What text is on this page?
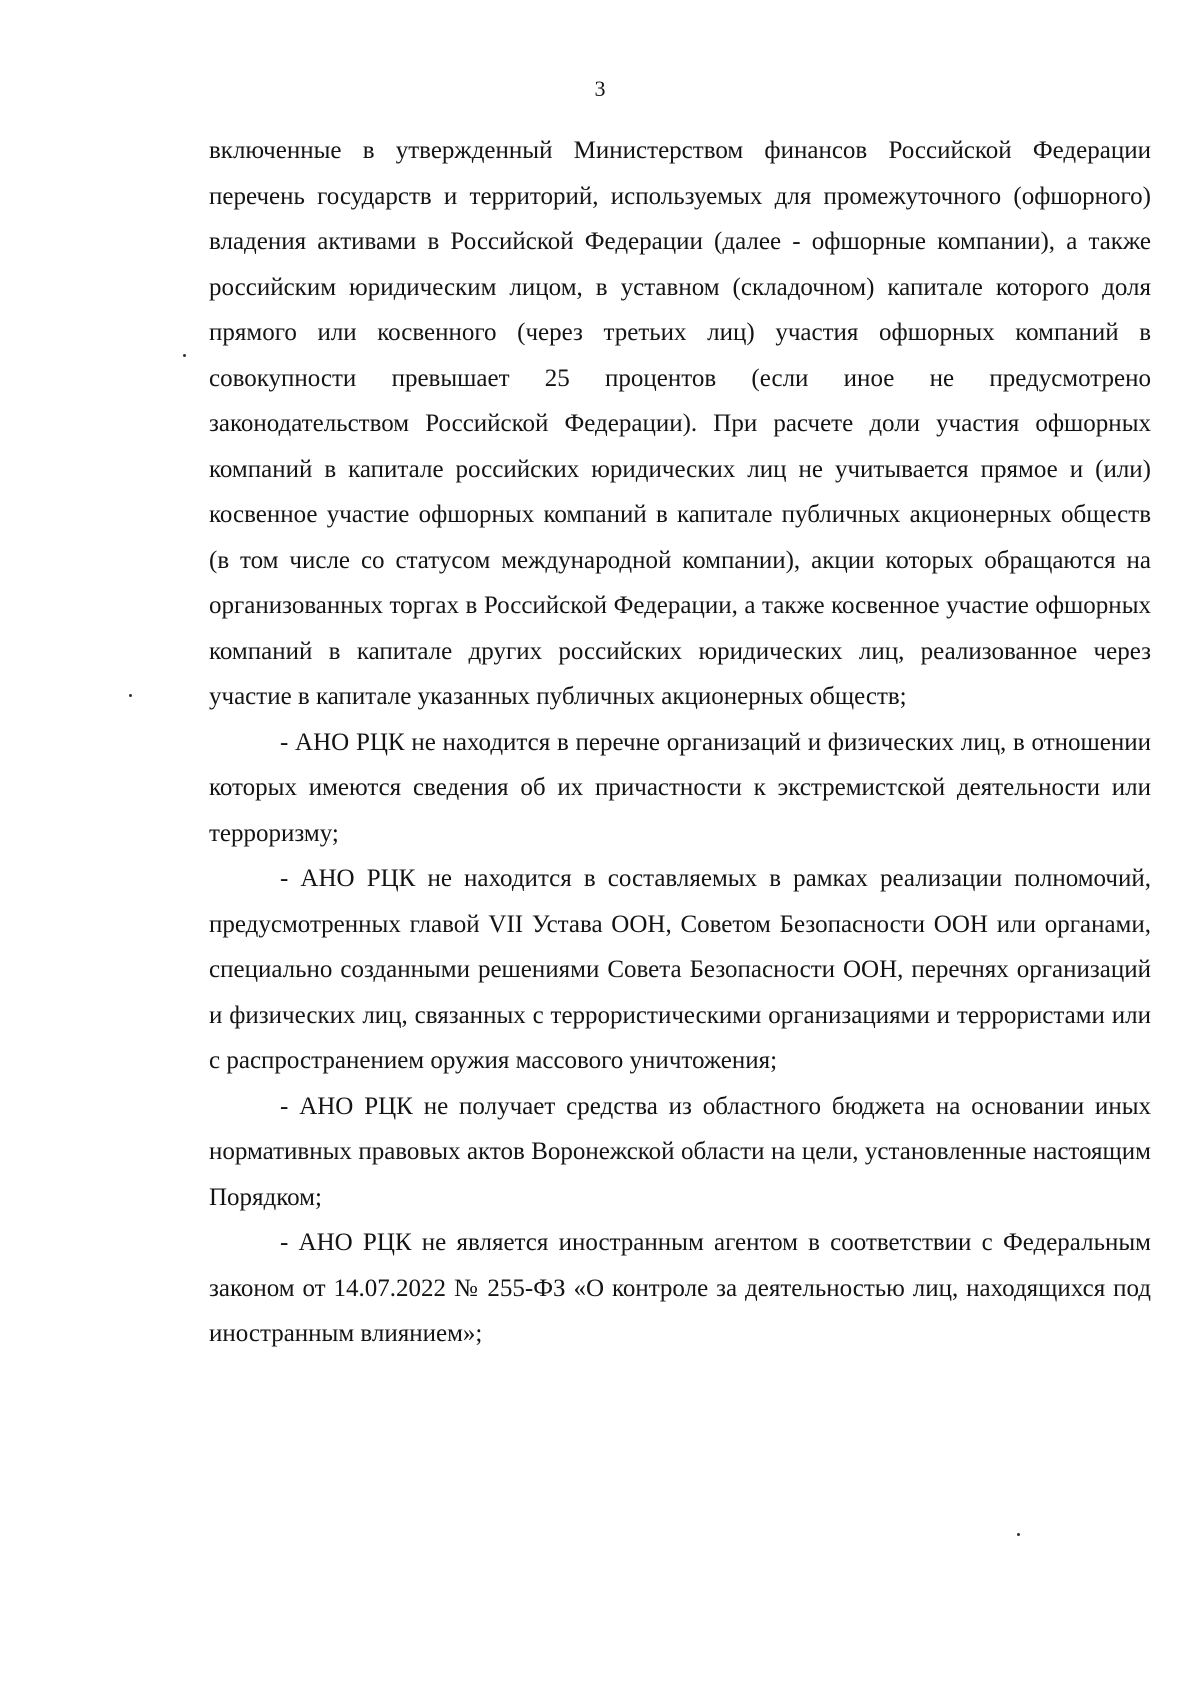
3

включенные в утвержденный Министерством финансов Российской Федерации перечень государств и территорий, используемых для промежуточного (офшорного) владения активами в Российской Федерации (далее - офшорные компании), а также российским юридическим лицом, в уставном (складочном) капитале которого доля прямого или косвенного (через третьих лиц) участия офшорных компаний в совокупности превышает 25 процентов (если иное не предусмотрено законодательством Российской Федерации). При расчете доли участия офшорных компаний в капитале российских юридических лиц не учитывается прямое и (или) косвенное участие офшорных компаний в капитале публичных акционерных обществ (в том числе со статусом международной компании), акции которых обращаются на организованных торгах в Российской Федерации, а также косвенное участие офшорных компаний в капитале других российских юридических лиц, реализованное через участие в капитале указанных публичных акционерных обществ;

- АНО РЦК не находится в перечне организаций и физических лиц, в отношении которых имеются сведения об их причастности к экстремистской деятельности или терроризму;

- АНО РЦК не находится в составляемых в рамках реализации полномочий, предусмотренных главой VII Устава ООН, Советом Безопасности ООН или органами, специально созданными решениями Совета Безопасности ООН, перечнях организаций и физических лиц, связанных с террористическими организациями и террористами или с распространением оружия массового уничтожения;

- АНО РЦК не получает средства из областного бюджета на основании иных нормативных правовых актов Воронежской области на цели, установленные настоящим Порядком;

- АНО РЦК не является иностранным агентом в соответствии с Федеральным законом от 14.07.2022 № 255-ФЗ «О контроле за деятельностью лиц, находящихся под иностранным влиянием»;
